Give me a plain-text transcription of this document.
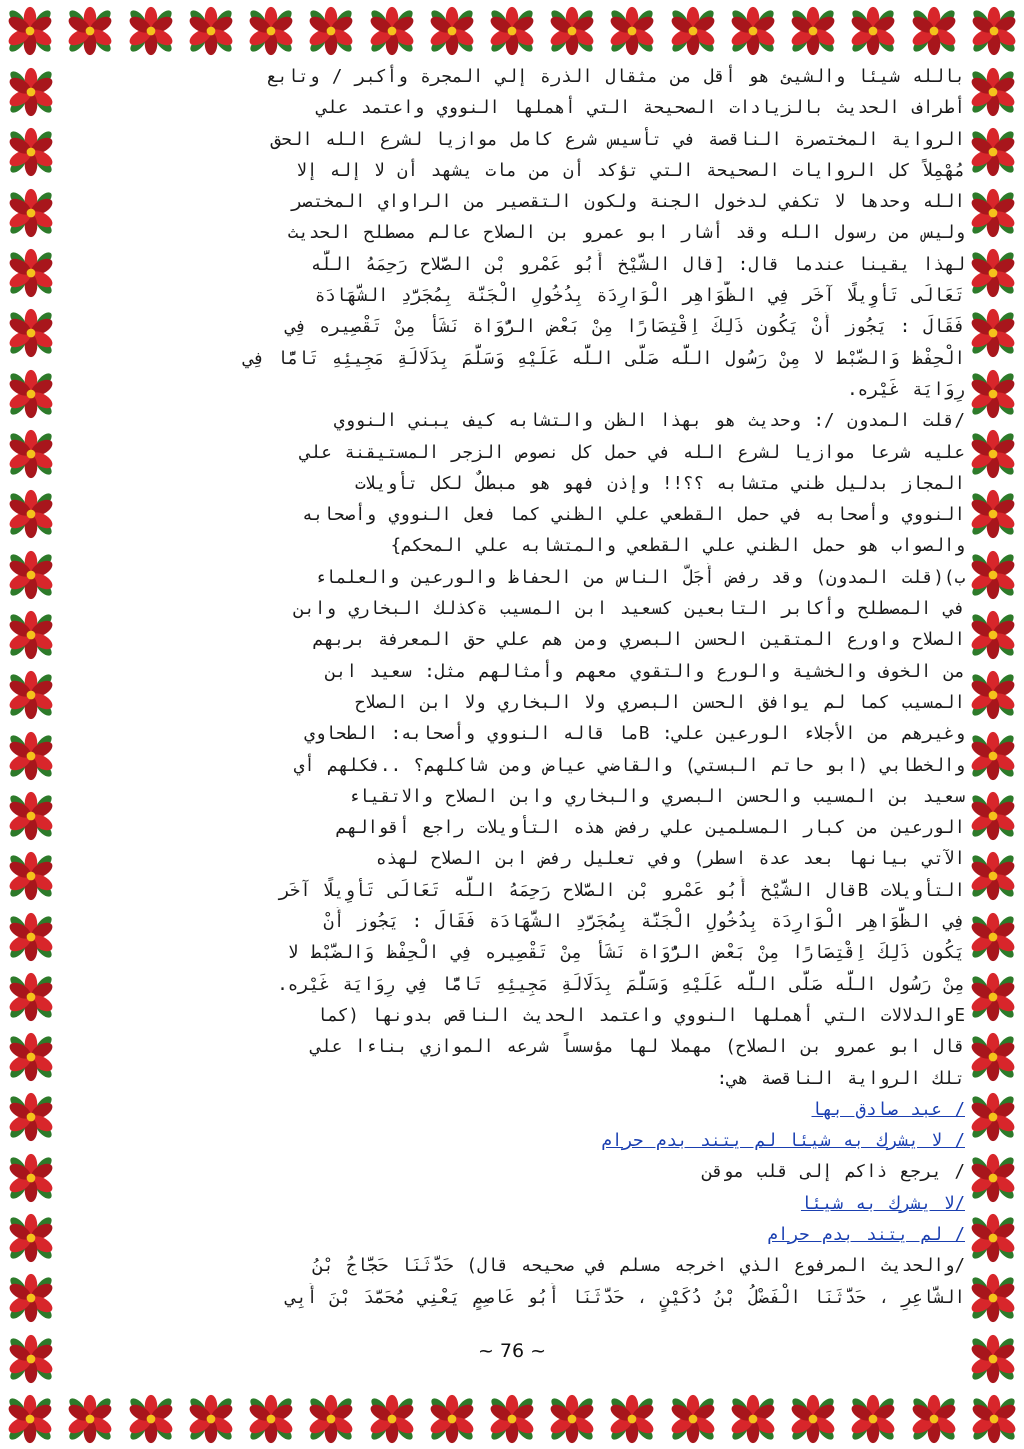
بالله شيئا والشيئ هو أقل من مثقال الذرة إلي المجرة وأكبر / وتابع
أطراف الحديث بالزيادات الصحيحة التي أهملها النووي واعتمد علي
الرواية المختصرة الناقصة في تأسيس شرع كامل موازيا لشرع الله الحق
مُهْمِلاً كل الروايات الصحيحة التي تؤكد أن من مات يشهد أن لا إله إلا
الله وحدها لا تكفي لدخول الجنة ولكون التقصير من الراواي المختصر
وليس من رسول الله وقد أشار ابو عمرو بن الصلاح عالم مصطلح الحديث
لهذا يقينا عندما قال: [قال الشَّيْخ أَبُو عَمْرو بْن الصَّلاح رَحِمَهُ اللَّه
تَعَالَى تَأْوِيلًا آخَر فِي الظَّوَاهِر الْوَارِدَة بِدُخُولِ الْجَنَّة بِمُجَرَّدِ الشَّهَادَة
فَقَالَ : يَجُوز أَنْ يَكُون ذَلِكَ اِقْتِصَارًا مِنْ بَعْض الرُّوَاة نَشَأَ مِنْ تَقْصِيره فِي
الْحِفْظ وَالضَّبْط لا مِنْ رَسُول اللَّه صَلَّى اللَّه عَلَيْهِ وَسَلَّمَ بِدَلَالَةِ مَجِيئِهِ تَامًّا فِي
رِوَايَة غَيْره.
/قلت المدون /: وحديث هو بهذا الظن والتشابه كيف يبني النووي
عليه شرعا موازيا لشرع الله في حمل كل نصوص الزجر المستيقنة علي
المجاز بدليل ظني متشابه ؟؟!! وإذن فهو هو مبطلٌ لكل تأويلات
النووي وأصحابه في حمل القطعي علي الظني كما فعل النووي وأصحابه
والصواب هو حمل الظني علي القطعي والمتشابه علي المحكم}
ب)(قلت المدون) وقد رفض أَجَلّ الناس من الحفاظ والورعين والعلماء
في المصطلح وأكابر التابعين كسعيد ابن المسيب ةكذلك البخاري وابن
الصلاح واورع المتقين الحسن البصري ومن هم علي حق المعرفة بربهم
من الخوف والخشية والورع والتقوي معهم وأمثالهم مثل: سعيد ابن
المسيب كما لم يوافق الحسن البصري ولا البخاري ولا ابن الصلاح
وغيرهم من الأجلاء الورعين علي: Bما قاله النووي وأصحابه: الطحاوي
والخطابي (ابو حاتم البستي) والقاضي عياض ومن شاكلهم؟ ..فكلهم أي
سعيد بن المسيب والحسن البصري والبخاري وابن الصلاح والاتقياء
الورعين من كبار المسلمين علي رفض هذه التأويلات راجع أقوالهم
الآتي بيانها بعد عدة اسطر) وفي تعليل رفض ابن الصلاح لهذه
التأويلات Bقال الشَّيْخ أَبُو عَمْرو بْن الصَّلاح رَحِمَهُ اللَّه تَعَالَى تَأْوِيلًا آخَر
فِي الظَّوَاهِر الْوَارِدَة بِدُخُولِ الْجَنَّة بِمُجَرَّدِ الشَّهَادَة فَقَالَ : يَجُوز أَنْ
يَكُون ذَلِكَ اِقْتِصَارًا مِنْ بَعْض الرُّوَاة نَشَأَ مِنْ تَقْصِيره فِي الْحِفْظ وَالضَّبْط لا
مِنْ رَسُول اللَّه صَلَّى اللَّه عَلَيْهِ وَسَلَّمَ بِدَلَالَةِ مَجِيئِهِ تَامًّا فِي رِوَايَة غَيْره.
Eوالدلالات التي أهملها النووي واعتمد الحديث الناقص بدونها (كما
قال ابو عمرو بن الصلاح) مهملا لها مؤسساً شرعه الموازي بناءا علي
تلك الرواية الناقصة هي:
/ عبد صادق بها
/ لا يشرك به شيئا لم يتند بدم حرام
/ يرجع ذاكم إلى قلب موقن
/لا يشرك به شيئا
/ لم يتند بدم حرام
/والحديث المرفوع الذي اخرجه مسلم في صحيحه قال) حَدَّثَنَا حَجَّاجُ بْنُ
الشَّاعِرِ ، حَدَّثَنَا الْفَضْلُ بْنُ دُكَيْنٍ ، حَدَّثَنَا أَبُو عَاصِمٍ يَعْنِي مُحَمَّدَ بْنَ أَبِي
~ 76 ~
